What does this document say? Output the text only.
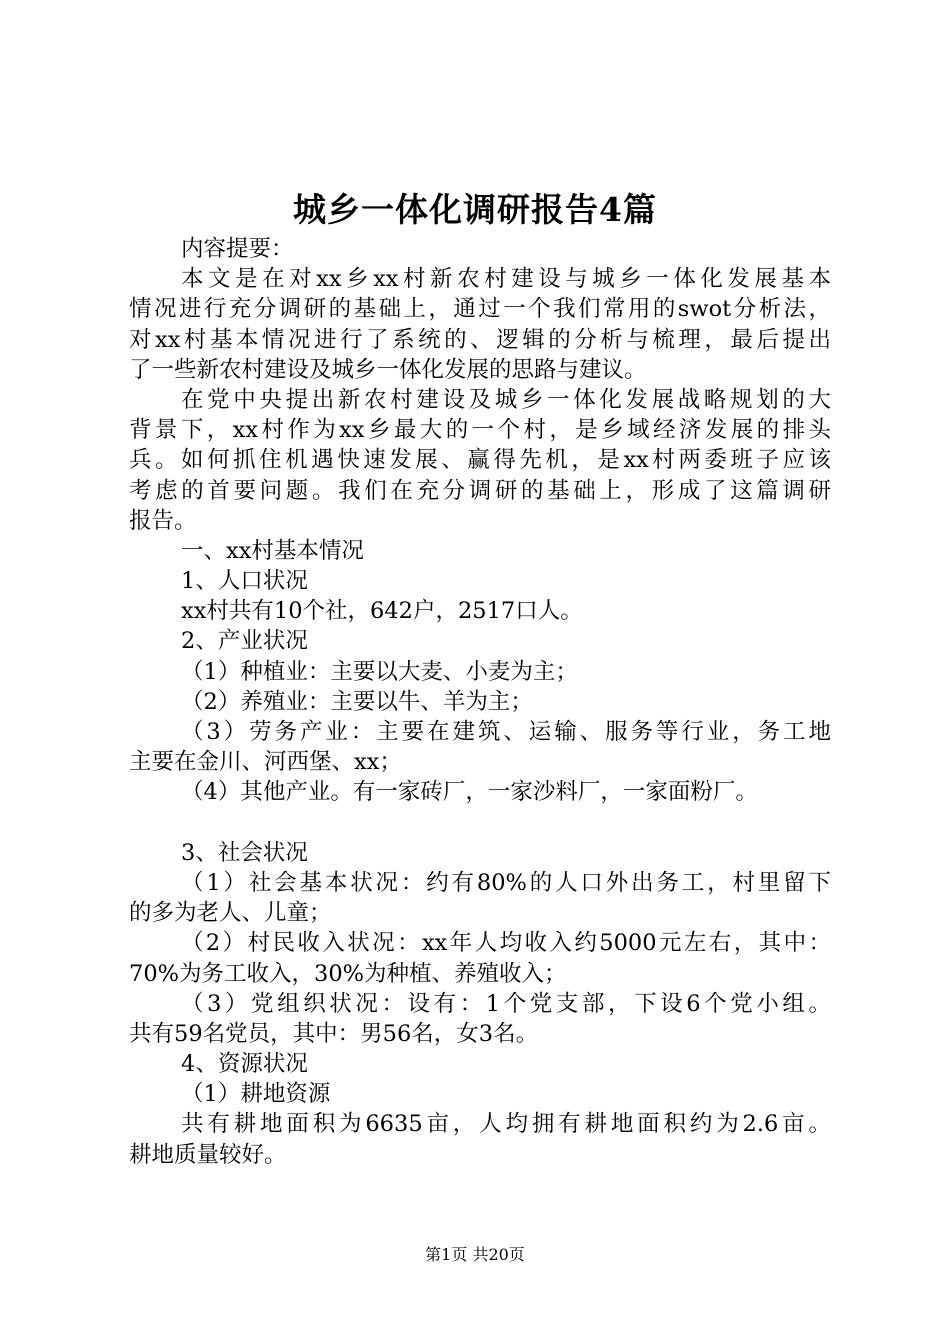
城乡一体化调研报告4篇
内容提要：
本文是在对xx乡xx村新农村建设与城乡一体化发展基本
情况进行充分调研的基础上，通过一个我们常用的swot分析法，
对xx村基本情况进行了系统的、逻辑的分析与梳理，最后提出
了一些新农村建设及城乡一体化发展的思路与建议。
在党中央提出新农村建设及城乡一体化发展战略规划的大
背景下，xx村作为xx乡最大的一个村，是乡域经济发展的排头
兵。如何抓住机遇快速发展、赢得先机，是xx村两委班子应该
考虑的首要问题。我们在充分调研的基础上，形成了这篇调研
报告。
一、xx村基本情况
1、人口状况
xx村共有10个社，642户，2517口人。
2、产业状况
（1）种植业：主要以大麦、小麦为主；
（2）养殖业：主要以牛、羊为主；
（3）劳务产业：主要在建筑、运输、服务等行业，务工地
主要在金川、河西堡、xx；
（4）其他产业。有一家砖厂，一家沙料厂，一家面粉厂。
3、社会状况
（1）社会基本状况：约有80%的人口外出务工，村里留下
的多为老人、儿童；
（2）村民收入状况：xx年人均收入约5000元左右，其中：
70%为务工收入，30%为种植、养殖收入；
（3）党组织状况：设有：1个党支部，下设6个党小组。
共有59名党员，其中：男56名，女3名。
4、资源状况
（1）耕地资源
共有耕地面积为6635亩，人均拥有耕地面积约为2.6亩。
耕地质量较好。
第1页 共20页
